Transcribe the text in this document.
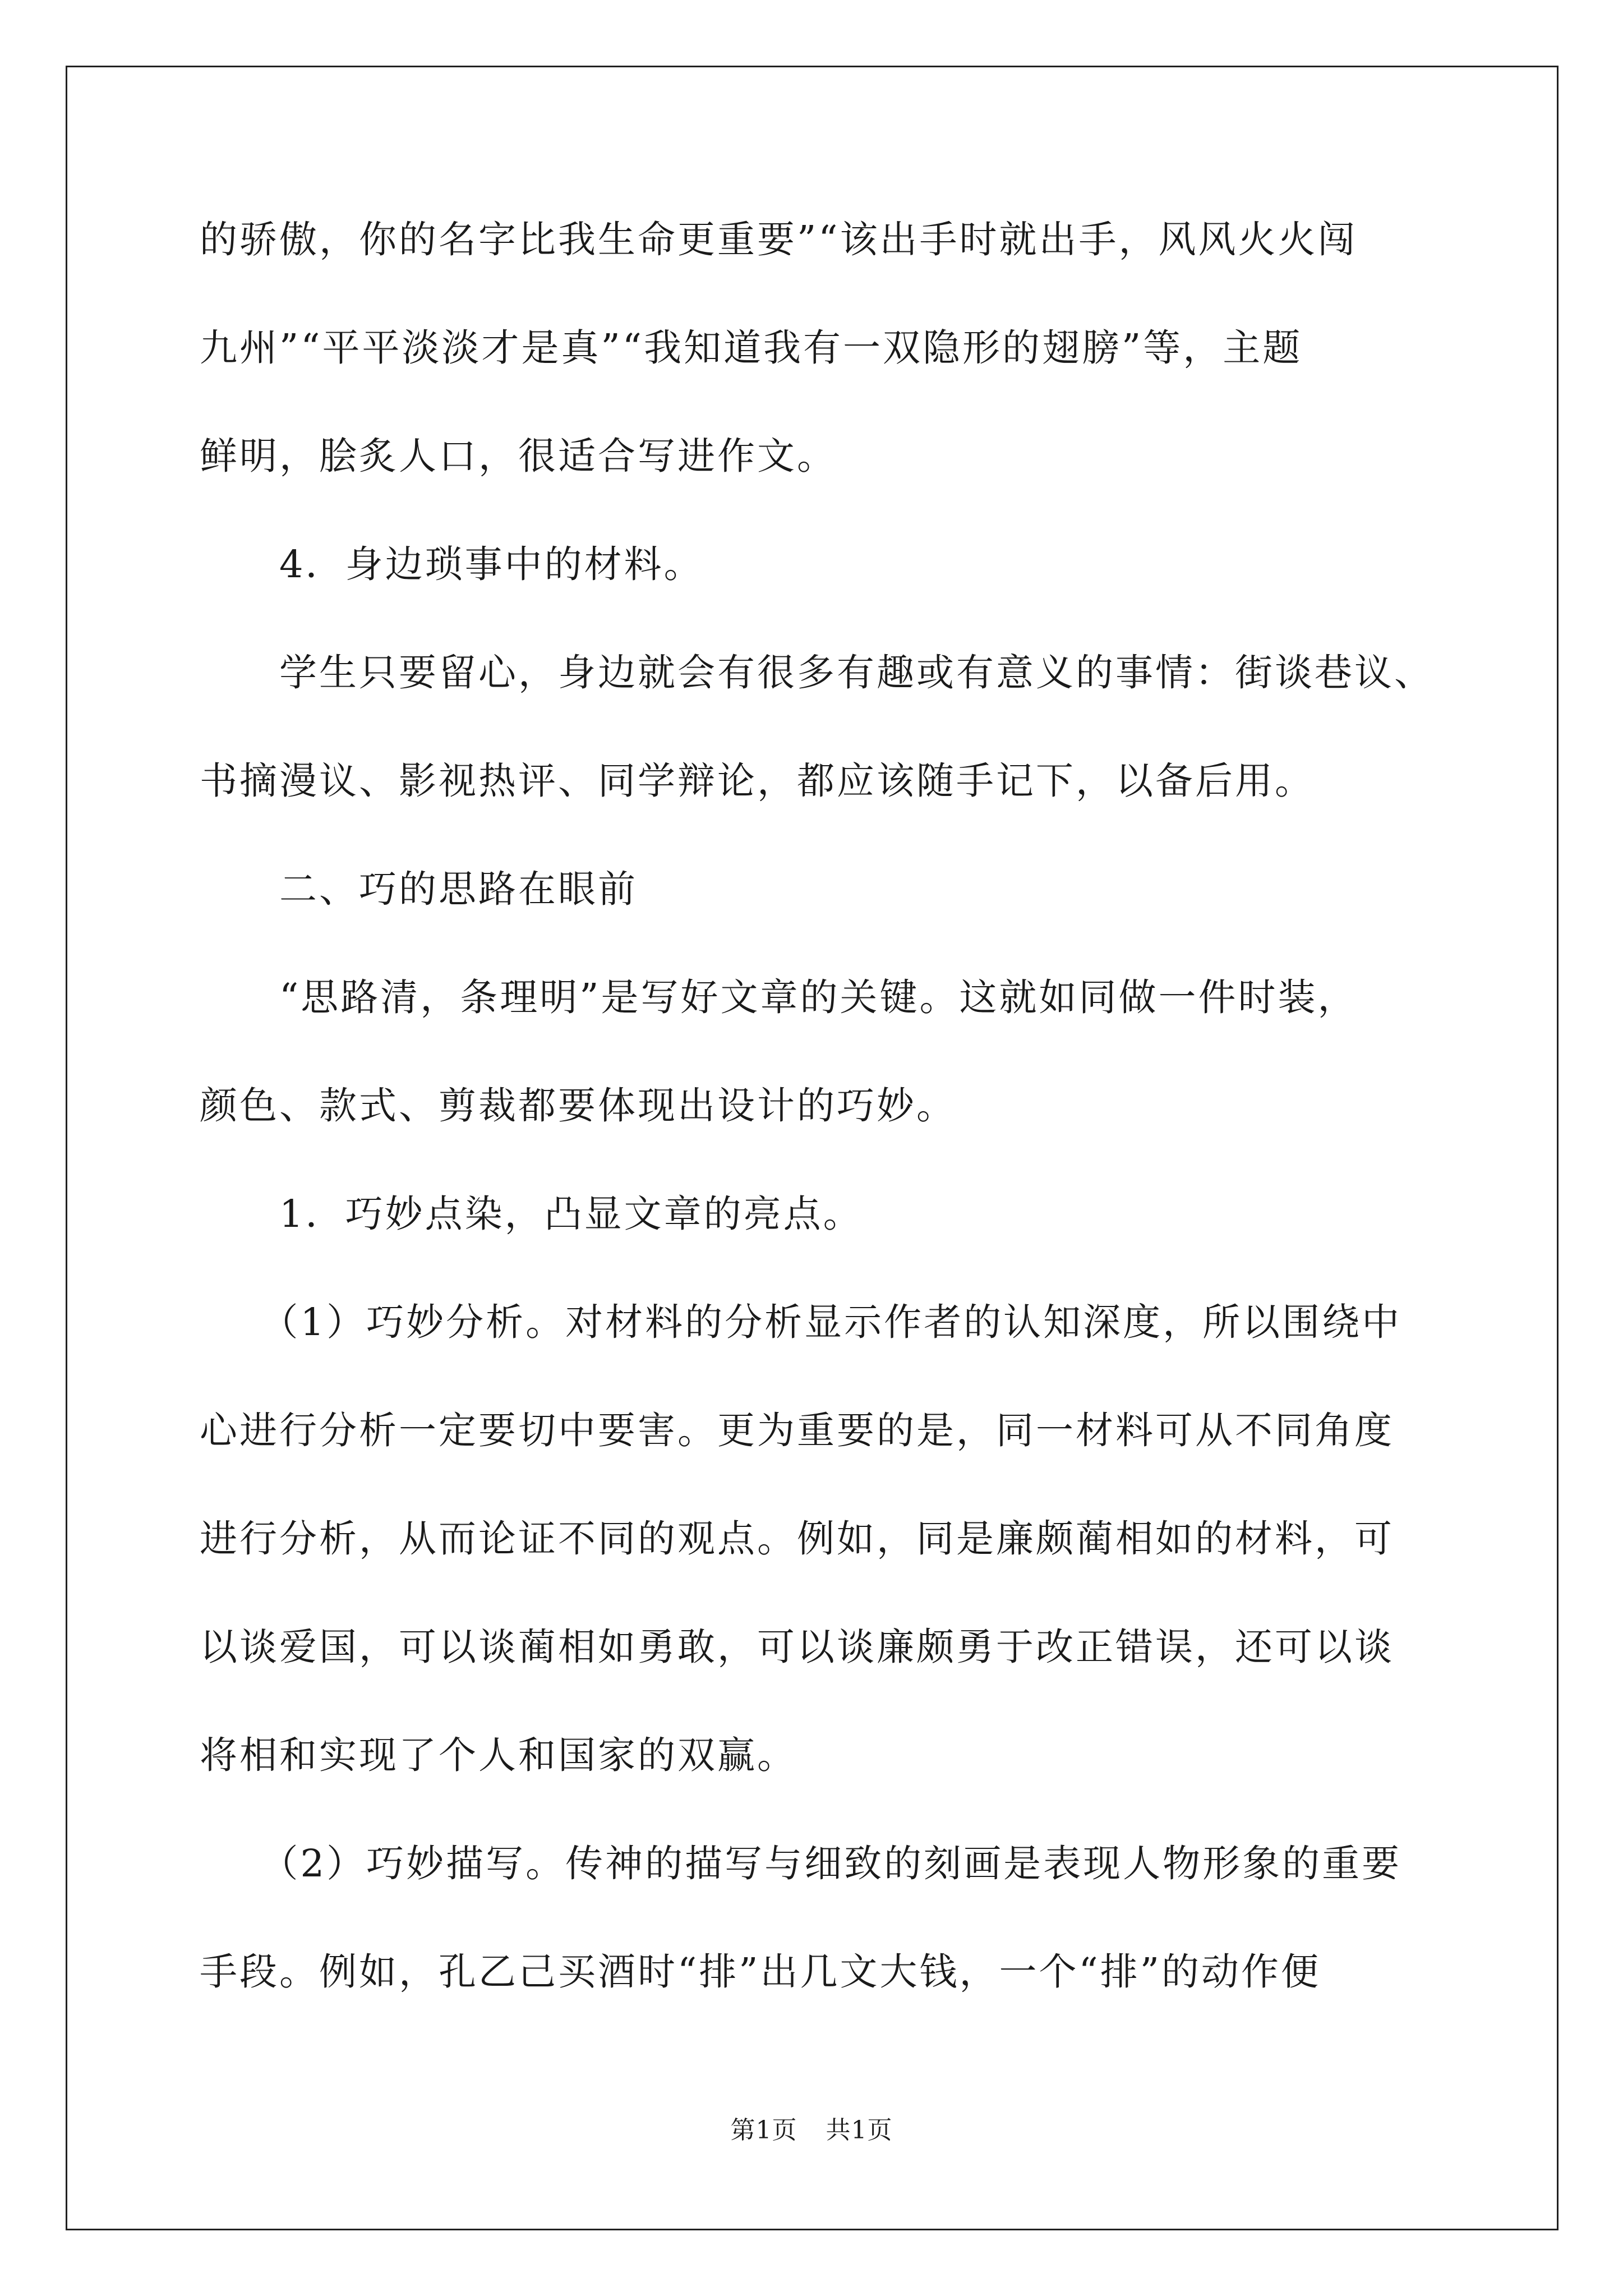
的骄傲，你的名字比我生命更重要”“该出手时就出手，风风火火闯
九州”“平平淡淡才是真”“我知道我有一双隐形的翅膀”等，主题
鲜明，脍炙人口，很适合写进作文。
　　4．身边琐事中的材料。
　　学生只要留心，身边就会有很多有趣或有意义的事情：街谈巷议、
书摘漫议、影视热评、同学辩论，都应该随手记下，以备后用。
　　二、巧的思路在眼前
　　“思路清，条理明”是写好文章的关键。这就如同做一件时装，
颜色、款式、剪裁都要体现出设计的巧妙。
　　1．巧妙点染，凸显文章的亮点。
　　（1）巧妙分析。对材料的分析显示作者的认知深度，所以围绕中
心进行分析一定要切中要害。更为重要的是，同一材料可从不同角度
进行分析，从而论证不同的观点。例如，同是廉颇蔺相如的材料，可
以谈爱国，可以谈蔺相如勇敢，可以谈廉颇勇于改正错误，还可以谈
将相和实现了个人和国家的双赢。
　　（2）巧妙描写。传神的描写与细致的刻画是表现人物形象的重要
手段。例如，孔乙己买酒时“排”出几文大钱，一个“排”的动作便
第1页 共1页
